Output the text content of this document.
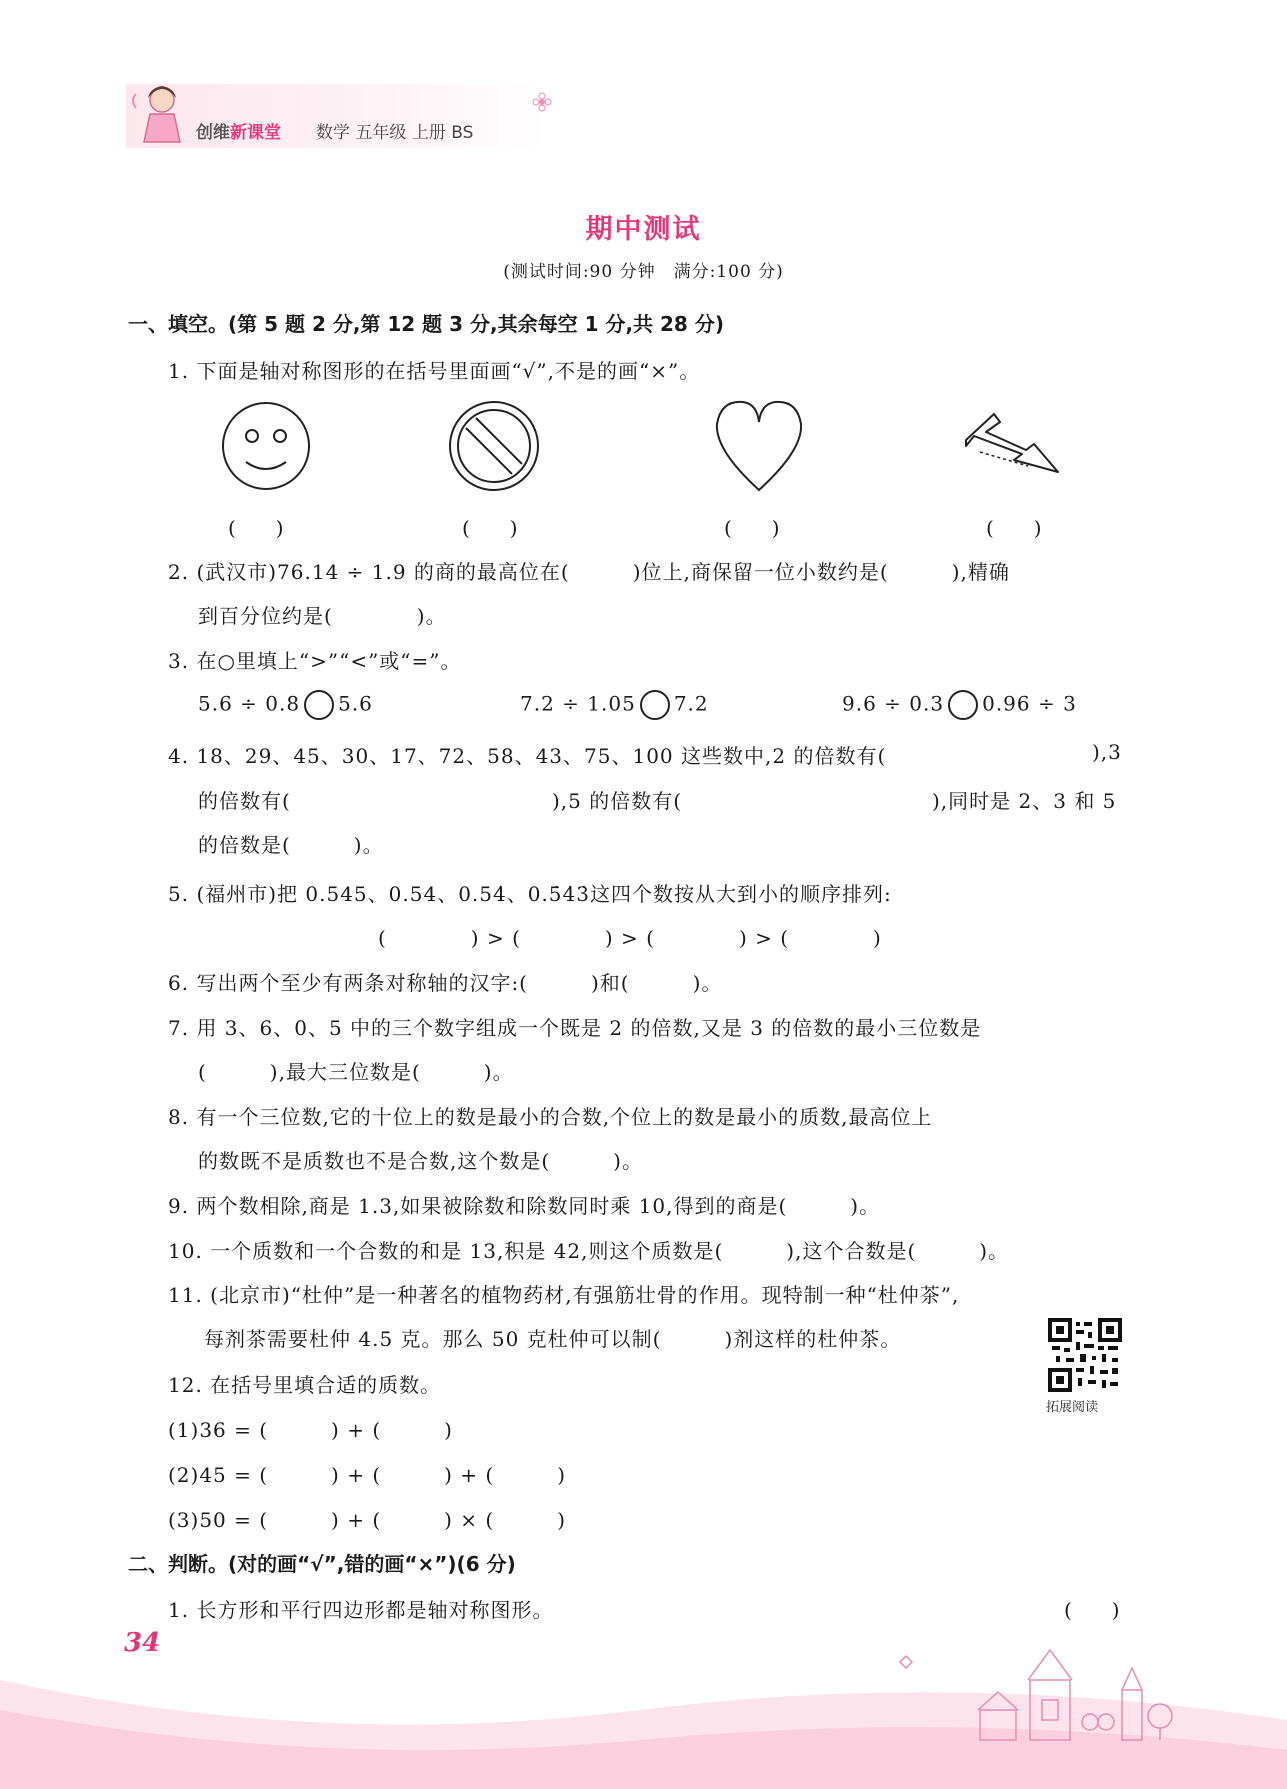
创维新课堂 数学 五年级 上册 BS
期中测试
(测试时间:90 分钟　满分:100 分)
一、填空。(第 5 题 2 分,第 12 题 3 分,其余每空 1 分,共 28 分)
1. 下面是轴对称图形的在括号里面画“√”,不是的画“×”。
(　　)	(　　)	(　　)	(　　)
2. (武汉市)76.14 ÷ 1.9 的商的最高位在(　　　)位上,商保留一位小数约是(　　　),精确
到百分位约是(　　　　)。
3. 在○里填上“>”“<”或“=”。
5.6 ÷ 0.8 5.6	7.2 ÷ 1.05 7.2	9.6 ÷ 0.3 0.96 ÷ 3
4. 18、29、45、30、17、72、58、43、75、100 这些数中,2 的倍数有(	),3
的倍数有(	),5 的倍数有(	),同时是 2、3 和 5
的倍数是(　　　)。
5. (福州市)把 0.545、0.54、0.54̇、0.5̇4̇3̇这四个数按从大到小的顺序排列:
(　　　　) > (　　　　) > (　　　　) > (　　　　)
6. 写出两个至少有两条对称轴的汉字:(　　　)和(　　　)。
7. 用 3、6、0、5 中的三个数字组成一个既是 2 的倍数,又是 3 的倍数的最小三位数是
(　　　),最大三位数是(　　　)。
8. 有一个三位数,它的十位上的数是最小的合数,个位上的数是最小的质数,最高位上
的数既不是质数也不是合数,这个数是(　　　)。
9. 两个数相除,商是 1.3,如果被除数和除数同时乘 10,得到的商是(　　　)。
10. 一个质数和一个合数的和是 13,积是 42,则这个质数是(　　　),这个合数是(　　　)。
11. (北京市)“杜仲”是一种著名的植物药材,有强筋壮骨的作用。现特制一种“杜仲茶”,
每剂茶需要杜仲 4.5 克。那么 50 克杜仲可以制(　　　)剂这样的杜仲茶。
拓展阅读
12. 在括号里填合适的质数。
(1)36 = (　　　) + (　　　)
(2)45 = (　　　) + (　　　) + (　　　)
(3)50 = (　　　) + (　　　) × (　　　)
二、判断。(对的画“√”,错的画“×”)(6 分)
1. 长方形和平行四边形都是轴对称图形。	(　　)
34
